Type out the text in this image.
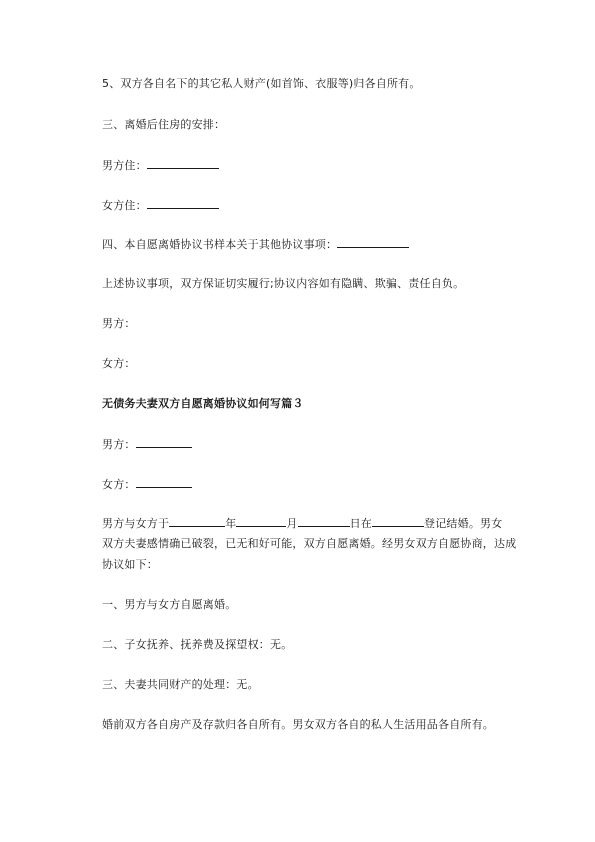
5、双方各自名下的其它私人财产(如首饰、衣服等)归各自所有。
三、离婚后住房的安排：
男方住：
女方住：
四、本自愿离婚协议书样本关于其他协议事项：
上述协议事项，双方保证切实履行;协议内容如有隐瞒、欺骗、责任自负。
男方：
女方：
无债务夫妻双方自愿离婚协议如何写篇３
男方：
女方：
男方与女方于	年	月	日在	登记结婚。男女
双方夫妻感情确已破裂，已无和好可能，双方自愿离婚。经男女双方自愿协商，达成
协议如下：
一、男方与女方自愿离婚。
二、子女抚养、抚养费及探望权：无。
三、夫妻共同财产的处理：无。
婚前双方各自房产及存款归各自所有。男女双方各自的私人生活用品各自所有。
